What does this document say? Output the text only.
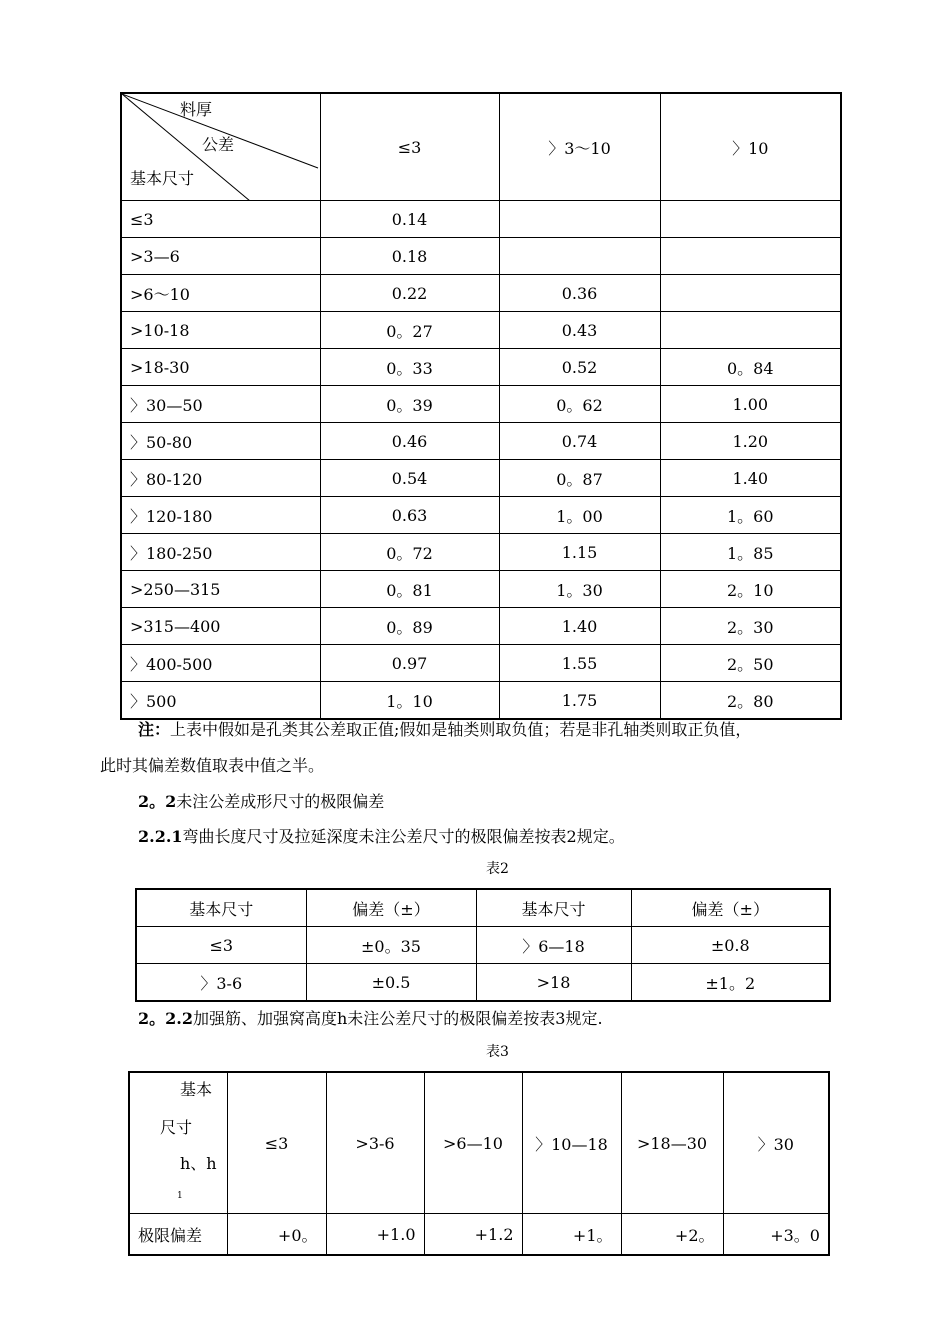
料厚
公差
基本尺寸	≤3	〉3～10	〉10
≤3	0.14		
>3—6	0.18		
>6～10	0.22	0.36	
>10-18	0。27	0.43	
>18-30	0。33	0.52	0。84
〉30—50	0。39	0。62	1.00
〉50-80	0.46	0.74	1.20
〉80-120	0.54	0。87	1.40
〉120-180	0.63	1。00	1。60
〉180-250	0。72	1.15	1。85
>250—315	0。81	1。30	2。10
>315—400	0。89	1.40	2。30
〉400-500	0.97	1.55	2。50
〉500	1。10	1.75	2。80
注：上表中假如是孔类其公差取正值;假如是轴类则取负值；若是非孔轴类则取正负值，
此时其偏差数值取表中值之半。
2。2未注公差成形尺寸的极限偏差
2.2.1弯曲长度尺寸及拉延深度未注公差尺寸的极限偏差按表2规定。
表2
基本尺寸	偏差（±）	基本尺寸	偏差（±）
≤3	±0。35	〉6—18	±0.8
〉3-6	±0.5	>18	±1。2
2。2.2加强筋、加强窝高度h未注公差尺寸的极限偏差按表3规定.
表3
基本
尺寸
h、h
1	≤3	>3-6	>6—10	〉10—18	>18—30	〉30
极限偏差	+0。	+1.0	+1.2	+1。	+2。	+3。0
